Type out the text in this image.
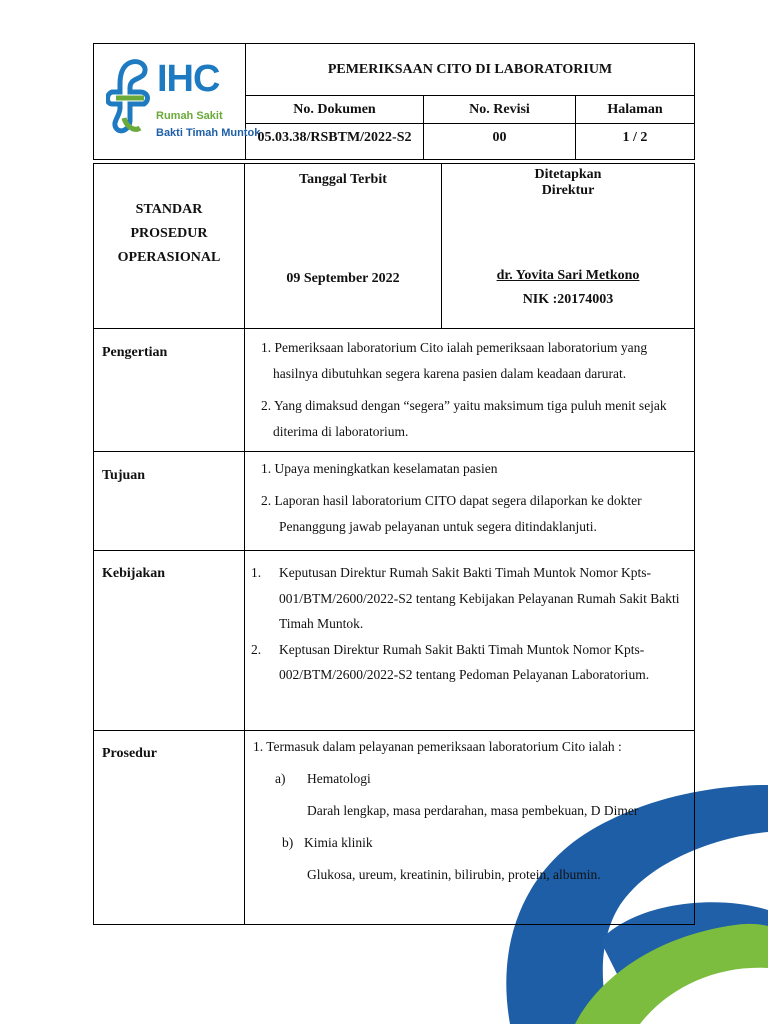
IHC
Rumah Sakit
Bakti Timah Muntok
PEMERIKSAAN CITO DI LABORATORIUM
No. Dokumen	No. Revisi	Halaman
05.03.38/RSBTM/2022-S2	00	1 / 2
STANDAR
PROSEDUR
OPERASIONAL
Tanggal Terbit
09 September 2022
Ditetapkan
Direktur
dr. Yovita Sari Metkono
NIK :20174003
Pengertian	1. Pemeriksaan laboratorium Cito ialah pemeriksaan laboratorium yang hasilnya dibutuhkan segera karena pasien dalam keadaan darurat.

2. Yang dimaksud dengan “segera” yaitu maksimum tiga puluh menit sejak diterima di laboratorium.

Tujuan	1. Upaya meningkatkan keselamatan pasien

2. Laporan hasil laboratorium CITO dapat segera dilaporkan ke dokter Penanggung jawab pelayanan untuk segera ditindaklanjuti.

Kebijakan	1.	Keputusan Direktur Rumah Sakit Bakti Timah Muntok Nomor Kpts-001/BTM/2600/2022-S2 tentang Kebijakan Pelayanan Rumah Sakit Bakti Timah Muntok.
2.	Keptusan Direktur Rumah Sakit Bakti Timah Muntok Nomor Kpts-002/BTM/2600/2022-S2 tentang Pedoman Pelayanan Laboratorium.
Prosedur	1. Termasuk dalam pelayanan pemeriksaan laboratorium Cito ialah :

a) Hematologi

Darah lengkap, masa perdarahan, masa pembekuan, D Dimer

b) Kimia klinik

Glukosa, ureum, kreatinin, bilirubin, protein, albumin.
